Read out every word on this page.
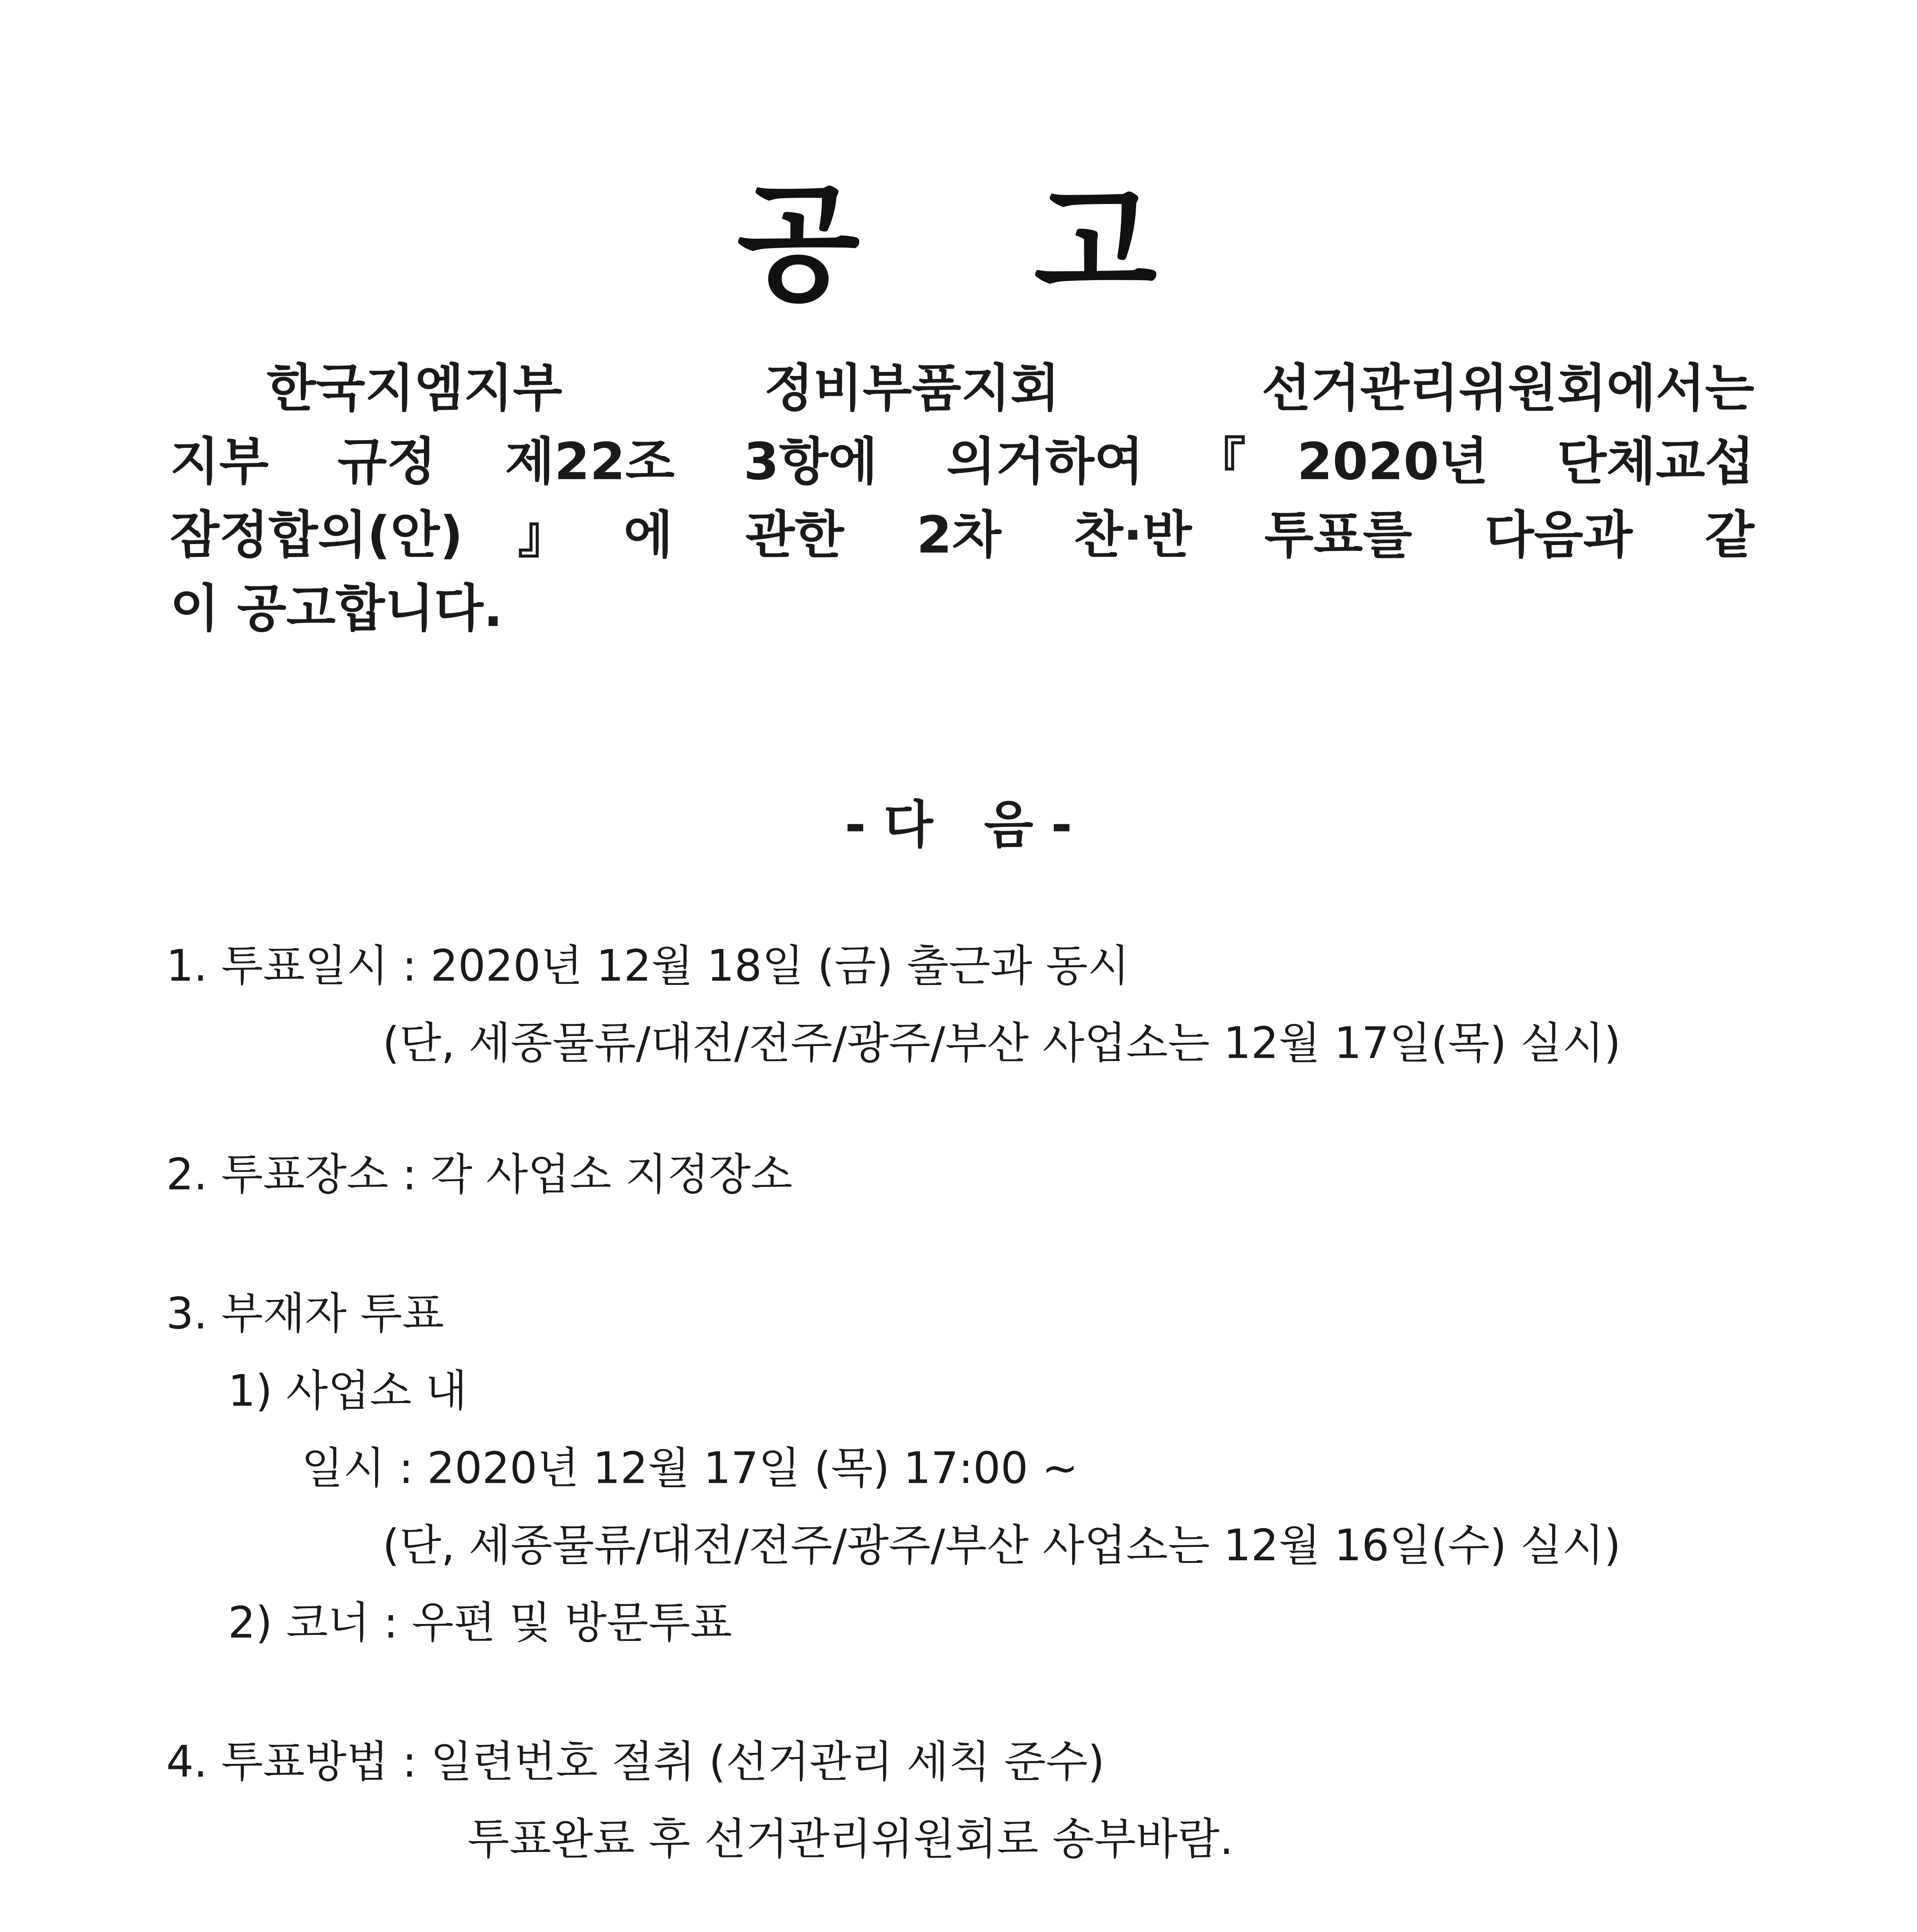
공　고
한국지엠지부 정비부품지회 선거관리위원회에서는
지부 규정 제22조 3항에 의거하여『2020년 단체교섭
잠정합의(안)』에 관한 2차 찬·반 투표를 다음과 같
이 공고합니다.
- 다　음 -
1. 투표일시 : 2020년 12월 18일 (금) 출근과 동시
(단, 세종물류/대전/전주/광주/부산 사업소는 12월 17일(목) 실시)
2. 투표장소 : 각 사업소 지정장소
3. 부재자 투표
1) 사업소 내
일시 : 2020년 12월 17일 (목) 17:00 ~
(단, 세종물류/대전/전주/광주/부산 사업소는 12월 16일(수) 실시)
2) 코너 : 우편 및 방문투표
4. 투표방법 : 일련번호 절취 (선거관리 세칙 준수)
투표완료 후 선거관리위원회로 송부바람.
